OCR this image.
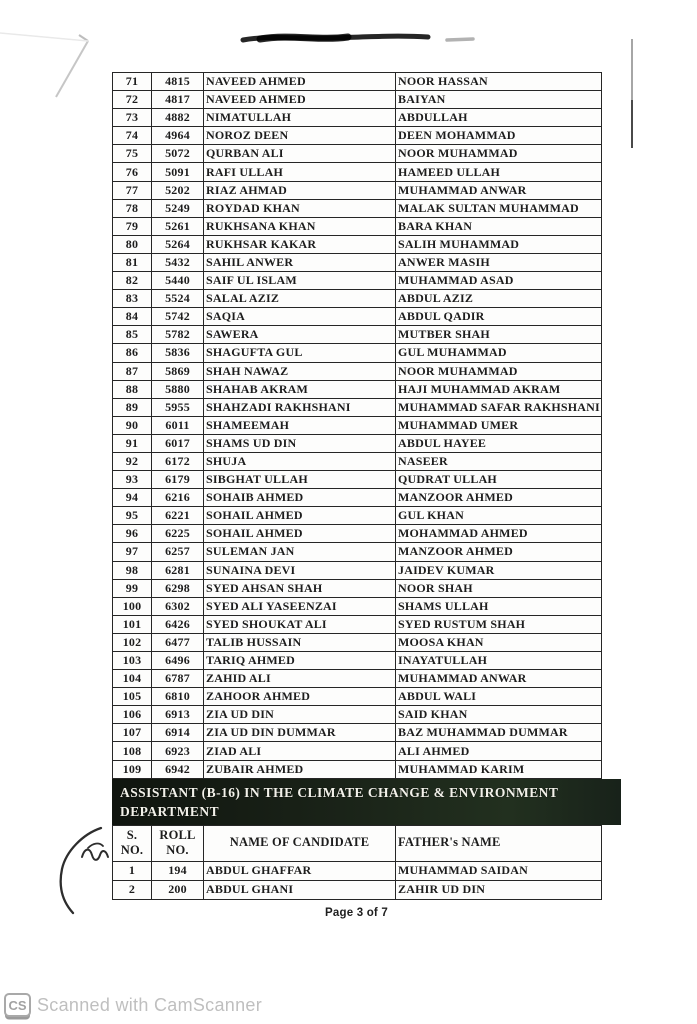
71	4815	NAVEED AHMED	NOOR HASSAN
72	4817	NAVEED AHMED	BAIYAN
73	4882	NIMATULLAH	ABDULLAH
74	4964	NOROZ DEEN	DEEN MOHAMMAD
75	5072	QURBAN ALI	NOOR MUHAMMAD
76	5091	RAFI ULLAH	HAMEED ULLAH
77	5202	RIAZ AHMAD	MUHAMMAD ANWAR
78	5249	ROYDAD KHAN	MALAK SULTAN MUHAMMAD
79	5261	RUKHSANA KHAN	BARA KHAN
80	5264	RUKHSAR KAKAR	SALIH MUHAMMAD
81	5432	SAHIL ANWER	ANWER MASIH
82	5440	SAIF UL ISLAM	MUHAMMAD ASAD
83	5524	SALAL AZIZ	ABDUL AZIZ
84	5742	SAQIA	ABDUL QADIR
85	5782	SAWERA	MUTBER SHAH
86	5836	SHAGUFTA GUL	GUL MUHAMMAD
87	5869	SHAH NAWAZ	NOOR MUHAMMAD
88	5880	SHAHAB AKRAM	HAJI MUHAMMAD AKRAM
89	5955	SHAHZADI RAKHSHANI	MUHAMMAD SAFAR RAKHSHANI
90	6011	SHAMEEMAH	MUHAMMAD UMER
91	6017	SHAMS UD DIN	ABDUL HAYEE
92	6172	SHUJA	NASEER
93	6179	SIBGHAT ULLAH	QUDRAT ULLAH
94	6216	SOHAIB AHMED	MANZOOR AHMED
95	6221	SOHAIL AHMED	GUL KHAN
96	6225	SOHAIL AHMED	MOHAMMAD AHMED
97	6257	SULEMAN JAN	MANZOOR AHMED
98	6281	SUNAINA DEVI	JAIDEV KUMAR
99	6298	SYED AHSAN SHAH	NOOR SHAH
100	6302	SYED ALI YASEENZAI	SHAMS ULLAH
101	6426	SYED SHOUKAT ALI	SYED RUSTUM SHAH
102	6477	TALIB HUSSAIN	MOOSA KHAN
103	6496	TARIQ AHMED	INAYATULLAH
104	6787	ZAHID ALI	MUHAMMAD ANWAR
105	6810	ZAHOOR AHMED	ABDUL WALI
106	6913	ZIA UD DIN	SAID KHAN
107	6914	ZIA UD DIN DUMMAR	BAZ MUHAMMAD DUMMAR
108	6923	ZIAD ALI	ALI AHMED
109	6942	ZUBAIR AHMED	MUHAMMAD KARIM
ASSISTANT (B-16) IN THE CLIMATE CHANGE & ENVIRONMENT DEPARTMENT
S. NO.	ROLL NO.	NAME OF CANDIDATE	FATHER's NAME
1	194	ABDUL GHAFFAR	MUHAMMAD SAIDAN
2	200	ABDUL GHANI	ZAHIR UD DIN
Page 3 of 7
CS Scanned with CamScanner
